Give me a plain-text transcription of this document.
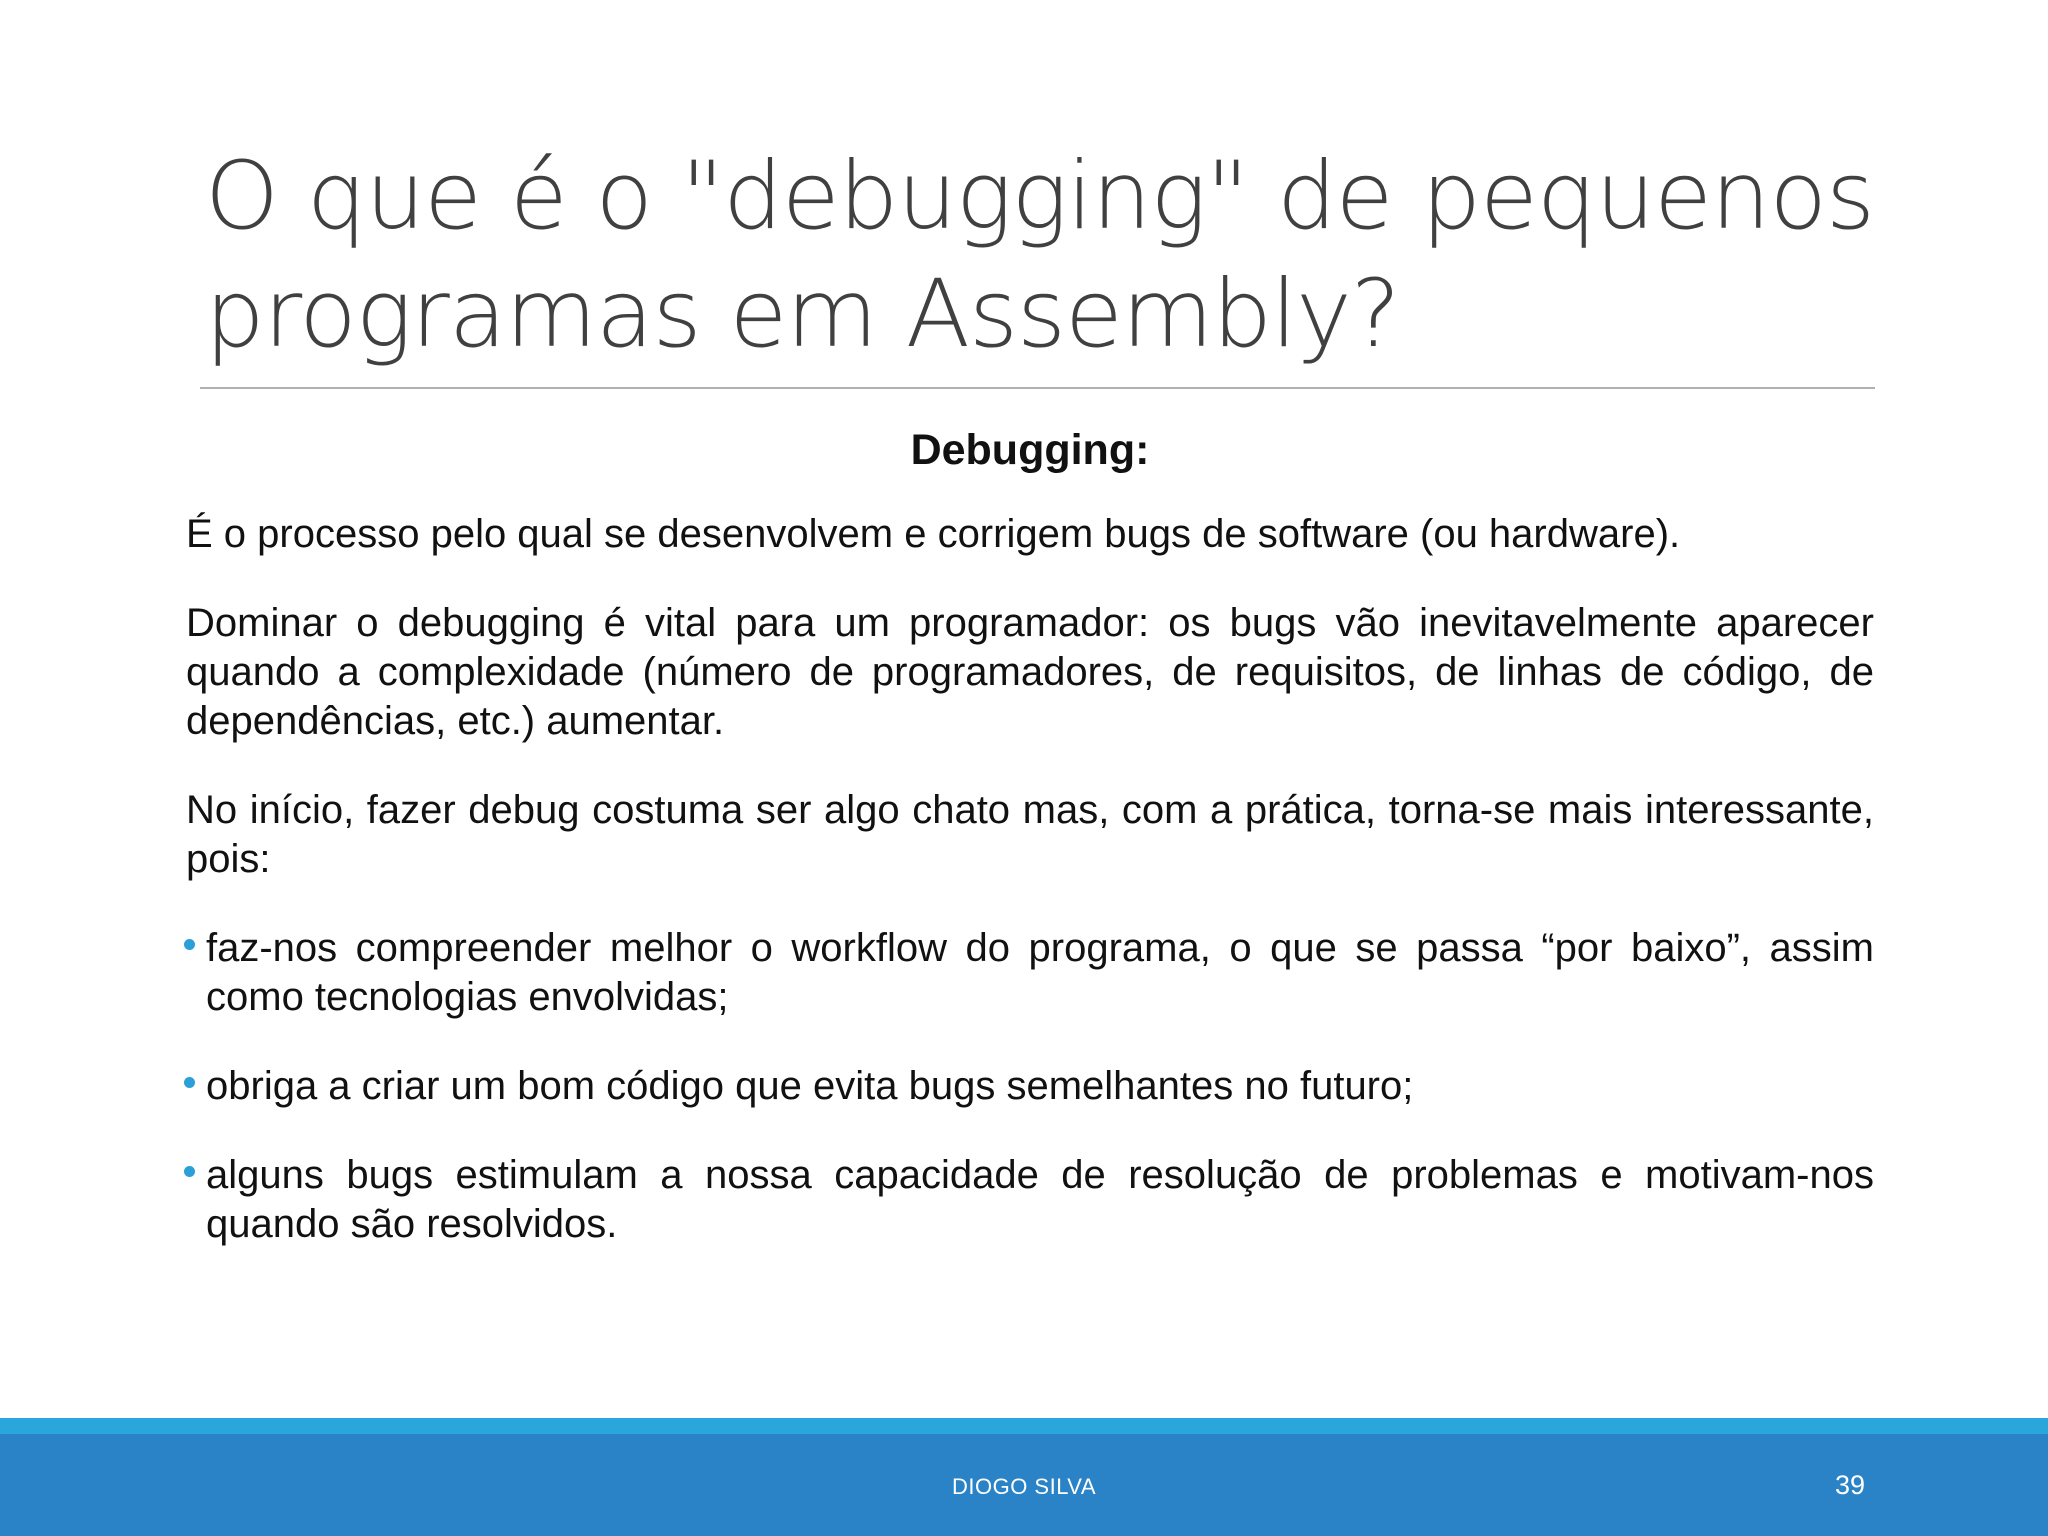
O que é o "debugging" de pequenos programas em Assembly?
Debugging:

É o processo pelo qual se desenvolvem e corrigem bugs de software (ou hardware).

Dominar o debugging é vital para um programador: os bugs vão inevitavelmente aparecer quando a complexidade (número de programadores, de requisitos, de linhas de código, de dependências, etc.) aumentar.

No início, fazer debug costuma ser algo chato mas, com a prática, torna-se mais interessante, pois:

faz-nos compreender melhor o workflow do programa, o que se passa “por baixo”, assim como tecnologias envolvidas;
obriga a criar um bom código que evita bugs semelhantes no futuro;
alguns bugs estimulam a nossa capacidade de resolução de problemas e motivam-nos quando são resolvidos.
DIOGO SILVA	39
